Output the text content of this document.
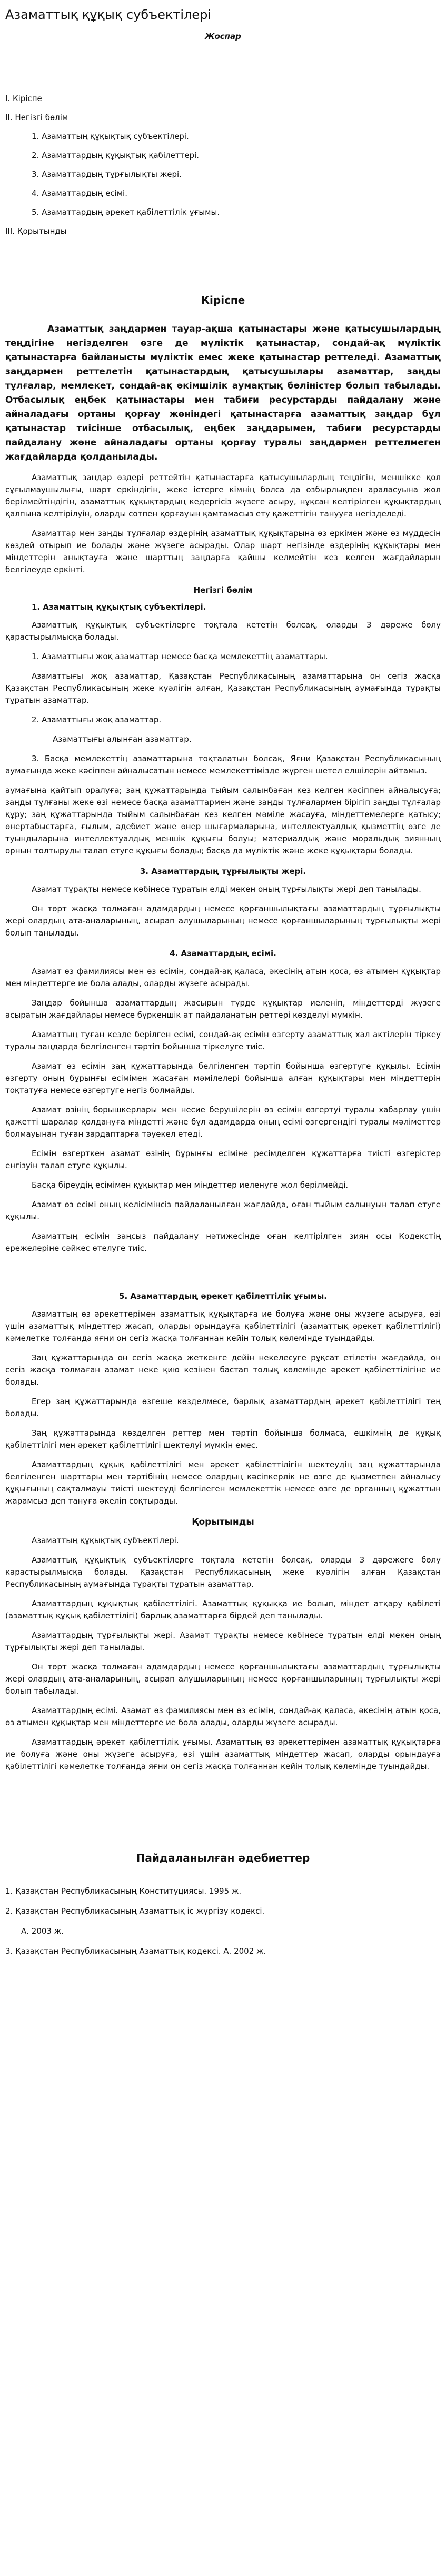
Азаматтық құқық субъектілері
Жоспар
I. Кіріспе
II. Негізгі бөлім
1. Азаматтың құқықтық субъектілері.
2. Азаматтардың құқықтық қабілеттері.
3. Азаматтардың тұрғылықты жері.
4. Азаматтардың есімі.
5. Азаматтардың әрекет қабілеттілік ұғымы.
III. Қорытынды
Кіріспе

Азаматтық заңдармен тауар-ақша қатынастары және қатысушылардың теңдігіне негізделген өзге де мүліктік қатынастар, сондай-ақ мүліктік қатынастарға байланысты мүліктік емес жеке қатынастар реттеледі. Азаматтық заңдармен реттелетін қатынастардың қатысушылары азаматтар, заңды тұлғалар, мемлекет, сондай-ақ әкімшілік аумақтық бөліністер болып табылады. Отбасылық еңбек қатынастары мен табиғи ресурстарды пайдалану және айналадағы ортаны қорғау жөніндегі қатынастарға азаматтық заңдар бұл қатынастар тиісінше отбасылық, еңбек заңдарымен, табиғи ресурстарды пайдалану және айналадағы ортаны қорғау туралы заңдармен реттелмеген жағдайларда қолданылады.

Азаматтық заңдар өздері реттейтін қатынастарға қатысушылардың теңдігін, меншікке қол сұғылмаушылығы, шарт еркіндігін, жеке істерге кімнің болса да озбырлықпен араласуына жол берілмейтіндігін, азаматтық құқықтардың кедергісіз жүзеге асыру, нұқсан келтірілген құқықтардың қалпына келтірілуін, оларды сотпен қорғауын қамтамасыз ету қажеттігін танууға негізделеді.

Азаматтар мен заңды тұлғалар өздерінің азаматтық құқықтарына өз еркімен және өз мүддесін көздей отырып ие болады және жүзеге асырады. Олар шарт негізінде өздерінің құқықтары мен міндеттерін анықтауға және шарттың заңдарға қайшы келмейтін кез келген жағдайларын белгілеуде еркінті.

Негізгі бөлім
1. Азаматтың құқықтық субъектілері.

Азаматтық құқықтық субъектілерге тоқтала кететін болсақ, оларды 3 дәреже бөлу қарастырылмысқа болады.

1. Азаматтығы жоқ азаматтар немесе басқа мемлекеттің азаматтары.

Азаматтығы жоқ азаматтар, Қазақстан Республикасының азаматтарына он сегіз жасқа Қазақстан Республикасының жеке куәлігін алған, Қазақстан Республикасының аумағында тұрақты тұратын азаматтар.

2. Азаматтығы жоқ азаматтар.

Азаматтығы алынған азаматтар.

3. Басқа мемлекеттің азаматтарына тоқталатын болсақ, Яғни Қазақстан Республикасының аумағында жеке кәсіппен айналысатын немесе мемлекеттімізде жүрген шетел елшілерін айтамыз.

аумағына қайтып оралуға; заң құжаттарында тыйым салынбаған кез келген кәсіппен айналысуға; заңды тұлғаны жеке өзі немесе басқа азаматтармен және заңды тұлғалармен бірігіп заңды тұлғалар құру; заң құжаттарында тыйым салынбаған кез келген мәміле жасауға, міндеттемелерге қатысу; өнертабыстарға, ғылым, әдебиет және өнер шығармаларына, интеллектуалдық қызметтің өзге де туындыларына интеллектуалдық меншік құқығы болуы; материалдық және моральдық зиянның орнын толтыруды талап етуге құқығы болады; басқа да мүліктік және жеке құқықтары болады.

3. Азаматтардың тұрғылықты жері.

Азамат тұрақты немесе көбінесе тұратын елді мекен оның тұрғылықты жері деп танылады.

Он төрт жасқа толмаған адамдардың немесе қорғаншылықтағы азаматтардың тұрғылықты жері олардың ата-аналарының, асырап алушыларының немесе қорғаншыларының тұрғылықты жері болып танылады.

4. Азаматтардың есімі.

Азамат өз фамилиясы мен өз есімін, сондай-ақ қаласа, әкесінің атын қоса, өз атымен құқықтар мен міндеттерге ие бола алады, оларды жүзеге асырады.

Заңдар бойынша азаматтардың жасырын түрде құқықтар иеленіп, міндеттерді жүзеге асыратын жағдайлары немесе бүркеншік ат пайдаланатын реттері көзделуі мүмкін.

Азаматтың туған кезде берілген есімі, сондай-ақ есімін өзгерту азаматтық хал актілерін тіркеу туралы заңдарда белгіленген тәртіп бойынша тіркелуге тиіс.

Азамат өз есімін заң құжаттарында белгіленген тәртіп бойынша өзгертуге құқылы. Есімін өзгерту оның бұрынғы есімімен жасаған мәмілелері бойынша алған құқықтары мен міндеттерін тоқтатуға немесе өзгертуге негіз болмайды.

Азамат өзінің борышкерлары мен несие берушілерін өз есімін өзгертуі туралы хабарлау үшін қажетті шаралар қолдануға міндетті және бұл адамдарда оның есімі өзгергендігі туралы мәліметтер болмауынан туған зардаптарға тәуекел етеді.

Есімін өзгерткен азамат өзінің бұрынғы есіміне ресімделген құжаттарға тиісті өзгерістер енгізуін талап етуге құқылы.

Басқа біреудің есімімен құқықтар мен міндеттер иеленуге жол берілмейді.

Азамат өз есімі оның келісімінсіз пайдаланылған жағдайда, оған тыйым салынуын талап етуге құқылы.

Азаматтың есімін заңсыз пайдалану нәтижесінде оған келтірілген зиян осы Кодекстің ережелеріне сәйкес өтелуге тиіс.

5. Азаматтардың әрекет қабілеттілік ұғымы.

Азаматтың өз әрекеттерімен азаматтық құқықтарға ие болуға және оны жүзеге асыруға, өзі үшін азаматтық міндеттер жасап, оларды орындауға қабілеттілігі (азаматтық әрекет қабілеттілігі) кәмелетке толғанда яғни он сегіз жасқа толғаннан кейін толық көлемінде туындайды.

Заң құжаттарында он сегіз жасқа жеткенге дейін некелесуге рұқсат етілетін жағдайда, он сегіз жасқа толмаған азамат неке қию кезінен бастап толық көлемінде әрекет қабілеттілігіне ие болады.

Егер заң құжаттарында өзгеше көзделмесе, барлық азаматтардың әрекет қабілеттілігі тең болады.

Заң құжаттарында көзделген реттер мен тәртіп бойынша болмаса, ешкімнің де құқық қабілеттілігі мен әрекет қабілеттілігі шектелуі мүмкін емес.

Азаматтардың құқық қабілеттілігі мен әрекет қабілеттілігін шектеудің заң құжаттарында белгіленген шарттары мен тәртібінің немесе олардың кәсіпкерлік не өзге де қызметпен айналысу құқығының сақталмауы тиісті шектеуді белгілеген мемлекеттік немесе өзге де органның құжаттын жарамсыз деп тануға әкеліп соқтырады.

Қорытынды

Азаматтың құқықтық субъектілері.

Азаматтық құқықтық субъектілерге тоқтала кететін болсақ, оларды 3 дәрежеге бөлу карастырылмысқа болады. Қазақстан Республикасының жеке куәлігін алған Қазақстан Республикасының аумағында тұрақты тұратын азаматтар.

Азаматтардың құқықтық қабілеттілігі. Азаматтық құқыққа ие болып, міндет атқару қабілеті (азаматтық құқық қабілеттілігі) барлық азаматтарға бірдей деп танылады.

Азаматтардың тұрғылықты жері. Азамат тұрақты немесе көбінесе тұратын елді мекен оның тұрғылықты жері деп танылады.

Он төрт жасқа толмаған адамдардың немесе қорғаншылықтағы азаматтардың тұрғылықты жері олардың ата-аналарының, асырап алушыларының немесе қорғаншыларының тұрғылықты жері болып табылады.

Азаматтардың есімі. Азамат өз фамилиясы мен өз есімін, сондай-ақ қаласа, әкесінің атын қоса, өз атымен құқықтар мен міндеттерге ие бола алады, оларды жүзеге асырады.

Азаматтардың әрекет қабілеттілік ұғымы. Азаматтың өз әрекеттерімен азаматтық құқықтарға ие болуға және оны жүзеге асыруға, өзі үшін азаматтық міндеттер жасап, оларды орындауға қабілеттілігі кәмелетке толғанда яғни он сегіз жасқа толғаннан кейін толық көлемінде туындайды.

Пайдаланылған әдебиеттер
1. Қазақстан Республикасының Конституциясы. 1995 ж.
2. Қазақстан Республикасының Азаматтық іс жүргізу кодексі.
А. 2003 ж.
3. Қазақстан Республикасының Азаматтық кодексі. А. 2002 ж.
